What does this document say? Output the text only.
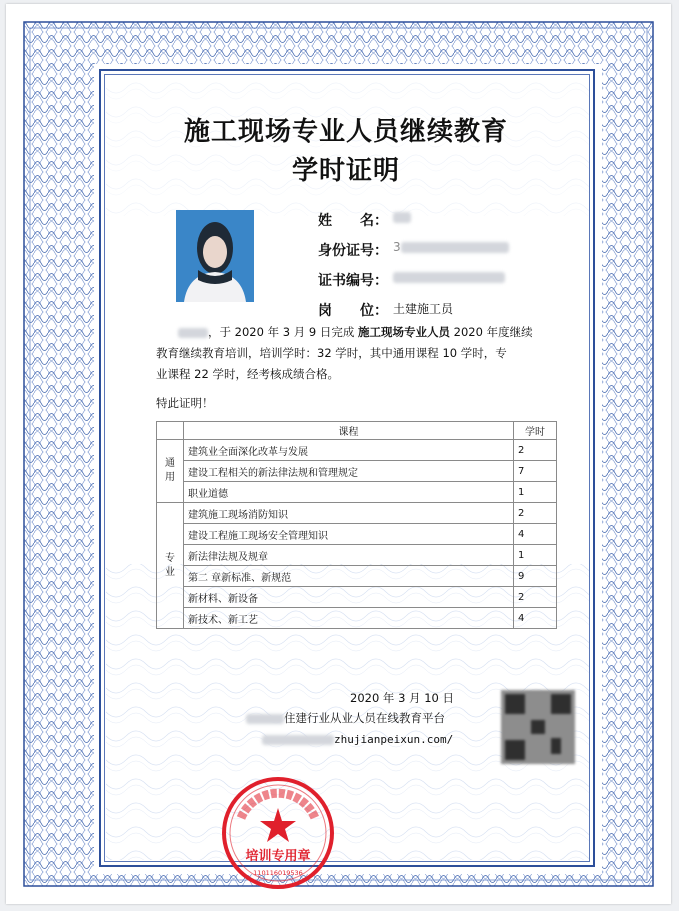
施工现场专业人员继续教育
学时证明
姓　　名：
身份证号： 3
证书编号：
岗　　位： 土建施工员
，于 2020 年 3 月 9 日完成 施工现场专业人员 2020 年度继续
教育继续教育培训，培训学时：32 学时，其中通用课程 10 学时，专
业课程 22 学时，经考核成绩合格。
特此证明！
	课程	学时

通
用	建筑业全面深化改革与发展	2
	建设工程相关的新法律法规和管理规定	7
	职业道德	1

专
业	建筑施工现场消防知识	2
	建设工程施工现场安全管理知识	4
	新法律法规及规章	1
	第二 章新标准、新规范	9
	新材料、新设备	2
	新技术、新工艺	4
2020 年 3 月 10 日
住建行业从业人员在线教育平台
zhujianpeixun.com/
培训专用章
110116019536
